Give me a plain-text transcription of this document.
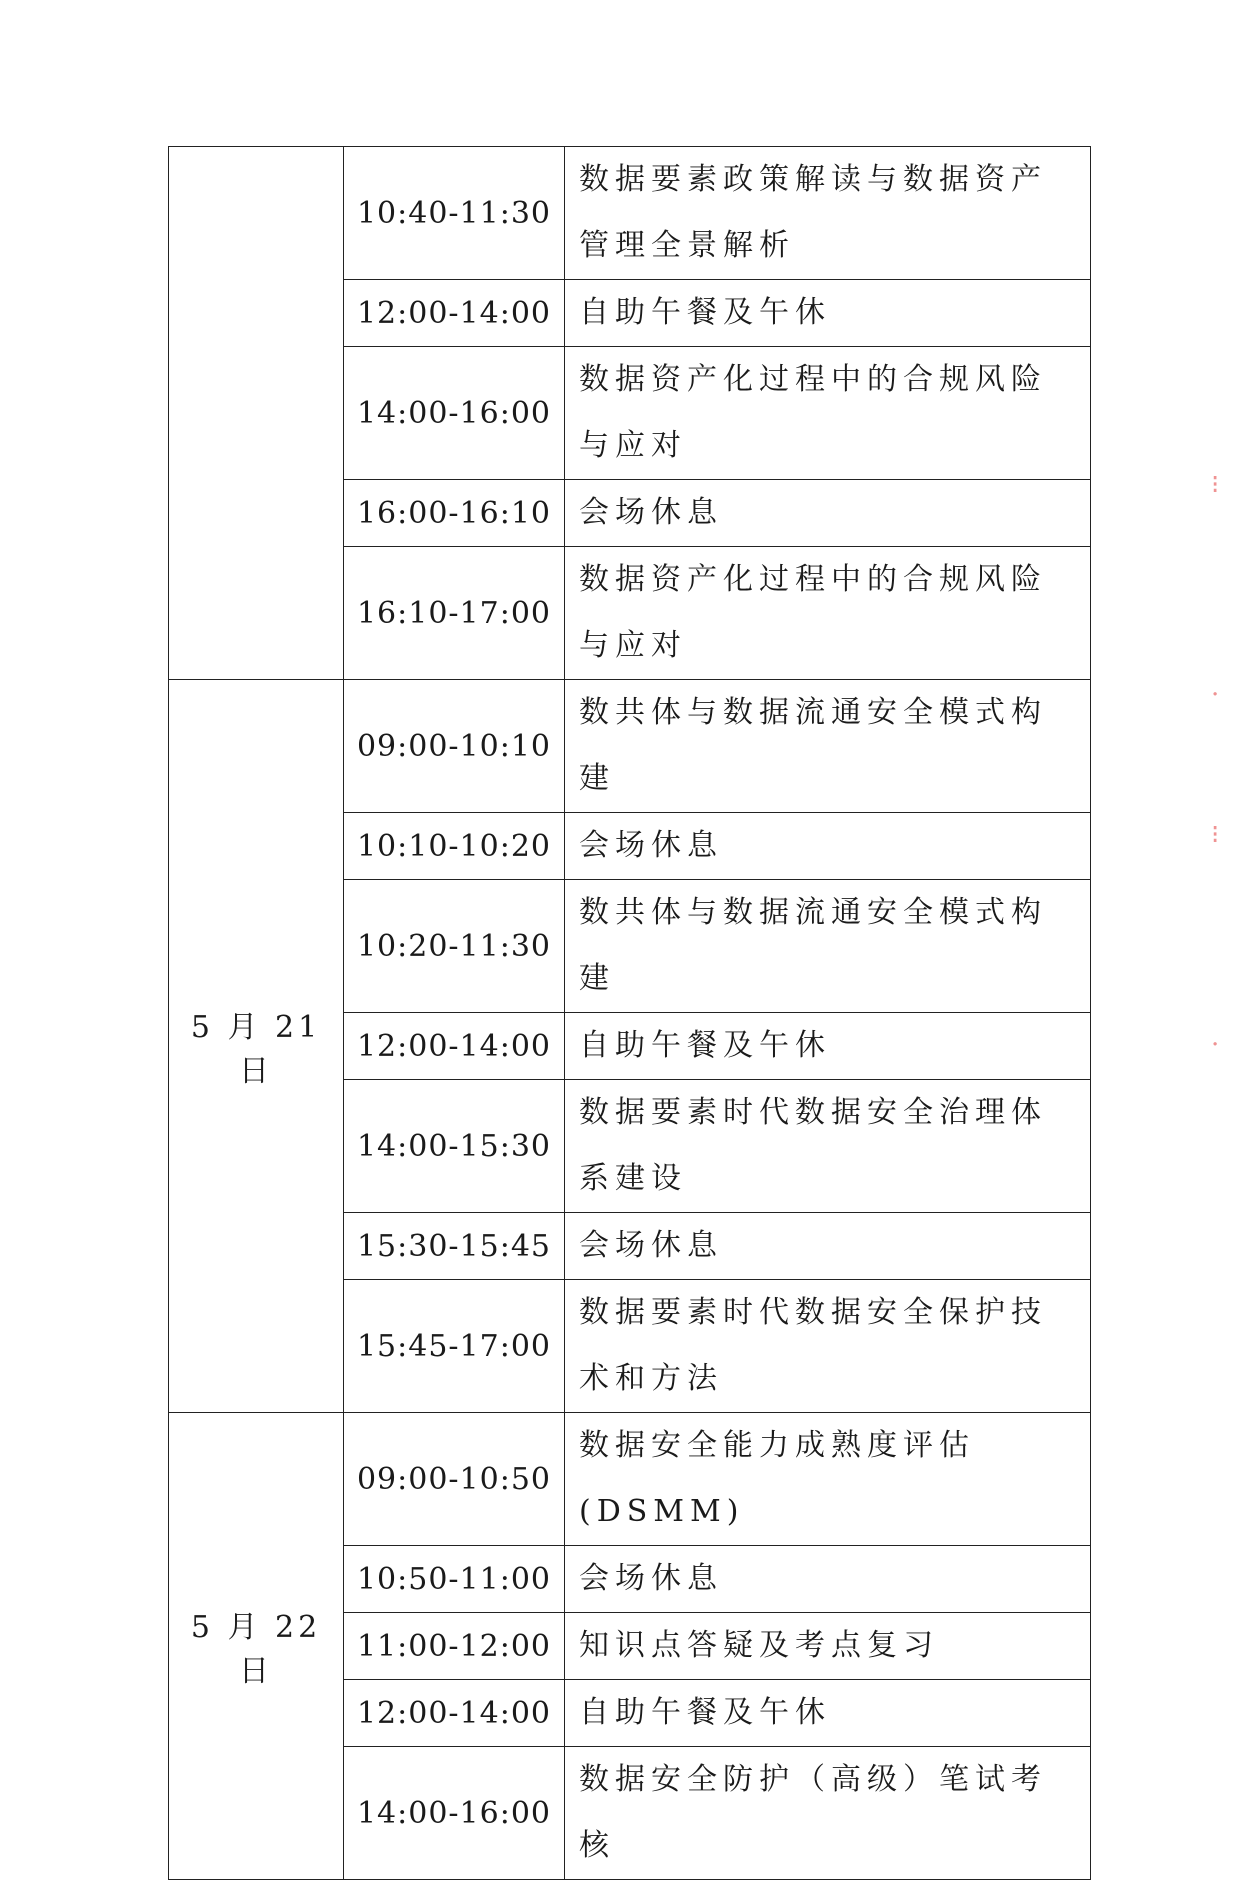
	10:40-11:30	数据要素政策解读与数据资产管理全景解析
	12:00-14:00	自助午餐及午休
	14:00-16:00	数据资产化过程中的合规风险与应对
	16:00-16:10	会场休息
	16:10-17:00	数据资产化过程中的合规风险与应对
5 月 21 日	09:00-10:10	数共体与数据流通安全模式构建
	10:10-10:20	会场休息
	10:20-11:30	数共体与数据流通安全模式构建
	12:00-14:00	自助午餐及午休
	14:00-15:30	数据要素时代数据安全治理体系建设
	15:30-15:45	会场休息
	15:45-17:00	数据要素时代数据安全保护技术和方法
5 月 22 日	09:00-10:50	数据安全能力成熟度评估(DSMM)
	10:50-11:00	会场休息
	11:00-12:00	知识点答疑及考点复习
	12:00-14:00	自助午餐及午休
	14:00-16:00	数据安全防护（高级）笔试考核
⁝
·
⁝
·
